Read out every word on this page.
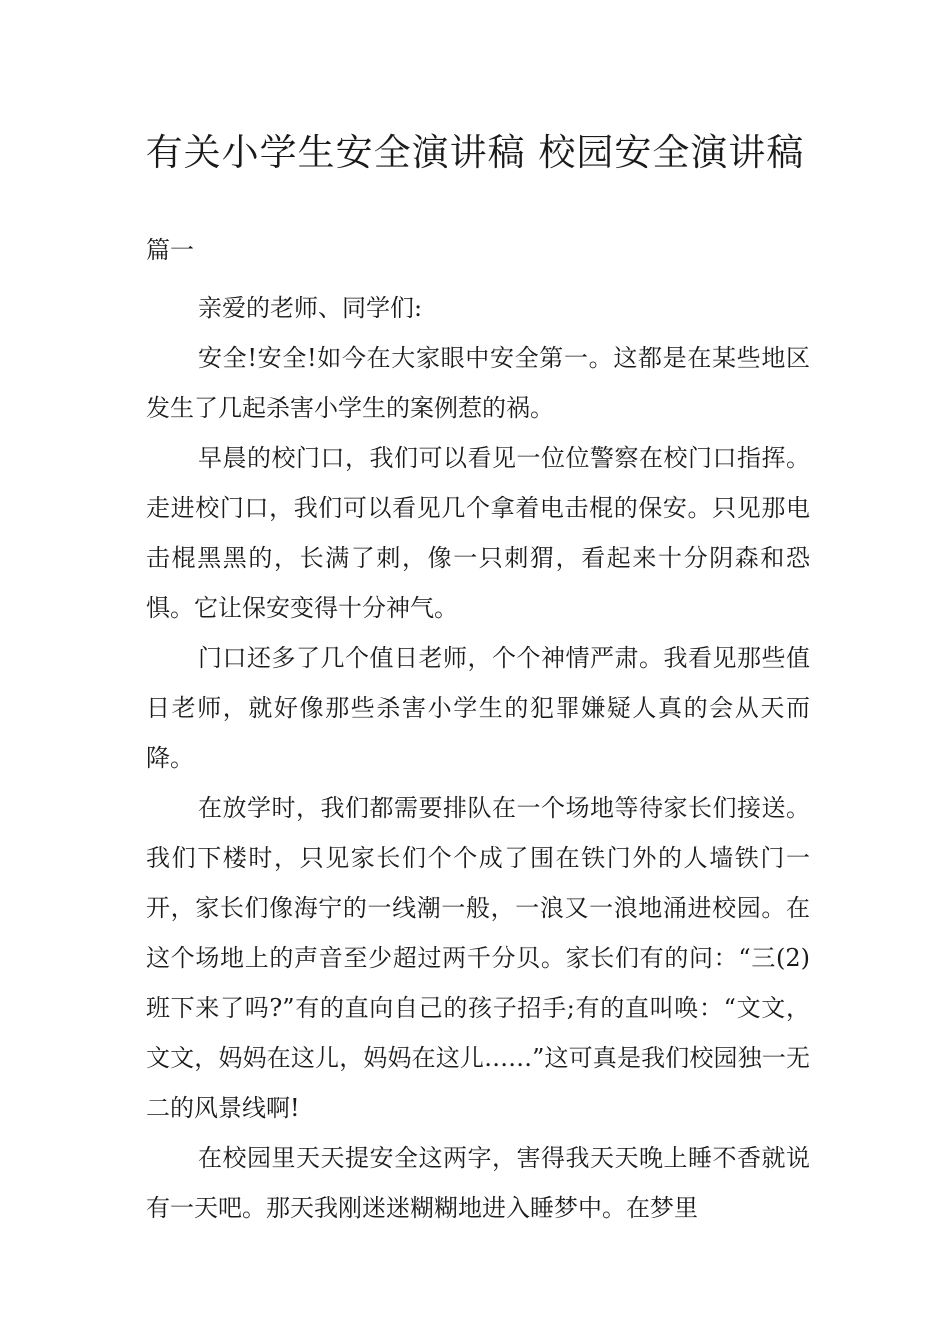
有关小学生安全演讲稿 校园安全演讲稿
篇一

亲爱的老师、同学们:

安全!安全!如今在大家眼中安全第一。这都是在某些地区发生了几起杀害小学生的案例惹的祸。

早晨的校门口，我们可以看见一位位警察在校门口指挥。走进校门口，我们可以看见几个拿着电击棍的保安。只见那电击棍黑黑的，长满了刺，像一只刺猬，看起来十分阴森和恐惧。它让保安变得十分神气。

门口还多了几个值日老师，个个神情严肃。我看见那些值日老师，就好像那些杀害小学生的犯罪嫌疑人真的会从天而降。

在放学时，我们都需要排队在一个场地等待家长们接送。我们下楼时，只见家长们个个成了围在铁门外的人墙铁门一开，家长们像海宁的一线潮一般，一浪又一浪地涌进校园。在这个场地上的声音至少超过两千分贝。家长们有的问：“三(2)班下来了吗?”有的直向自己的孩子招手;有的直叫唤：“文文，文文，妈妈在这儿，妈妈在这儿……”这可真是我们校园独一无二的风景线啊!

在校园里天天提安全这两字，害得我天天晚上睡不香就说有一天吧。那天我刚迷迷糊糊地进入睡梦中。在梦里
